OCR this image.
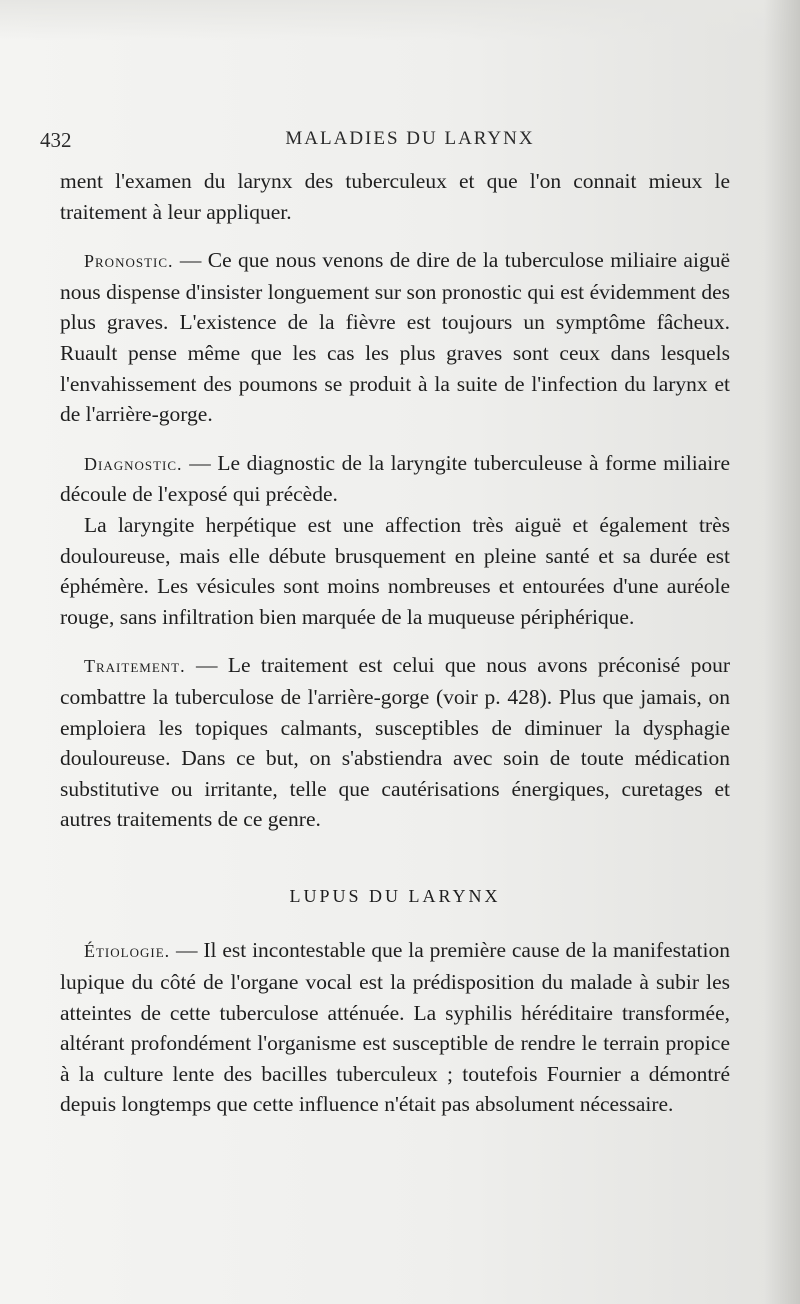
432	MALADIES DU LARYNX

ment l'examen du larynx des tuberculeux et que l'on connait mieux le traitement à leur appliquer.

Pronostic. — Ce que nous venons de dire de la tuberculose miliaire aiguë nous dispense d'insister longuement sur son pronostic qui est évidemment des plus graves. L'existence de la fièvre est toujours un symptôme fâcheux. Ruault pense même que les cas les plus graves sont ceux dans lesquels l'envahissement des poumons se produit à la suite de l'infection du larynx et de l'arrière-gorge.

Diagnostic. — Le diagnostic de la laryngite tuberculeuse à forme miliaire découle de l'exposé qui précède.

La laryngite herpétique est une affection très aiguë et également très douloureuse, mais elle débute brusquement en pleine santé et sa durée est éphémère. Les vésicules sont moins nombreuses et entourées d'une auréole rouge, sans infiltration bien marquée de la muqueuse périphérique.

Traitement. — Le traitement est celui que nous avons préconisé pour combattre la tuberculose de l'arrière-gorge (voir p. 428). Plus que jamais, on emploiera les topiques calmants, susceptibles de diminuer la dysphagie douloureuse. Dans ce but, on s'abstiendra avec soin de toute médication substitutive ou irritante, telle que cautérisations énergiques, curetages et autres traitements de ce genre.

LUPUS DU LARYNX

Étiologie. — Il est incontestable que la première cause de la manifestation lupique du côté de l'organe vocal est la prédisposition du malade à subir les atteintes de cette tuberculose atténuée. La syphilis héréditaire transformée, altérant profondément l'organisme est susceptible de rendre le terrain propice à la culture lente des bacilles tuberculeux ; toutefois Fournier a démontré depuis longtemps que cette influence n'était pas absolument nécessaire.
